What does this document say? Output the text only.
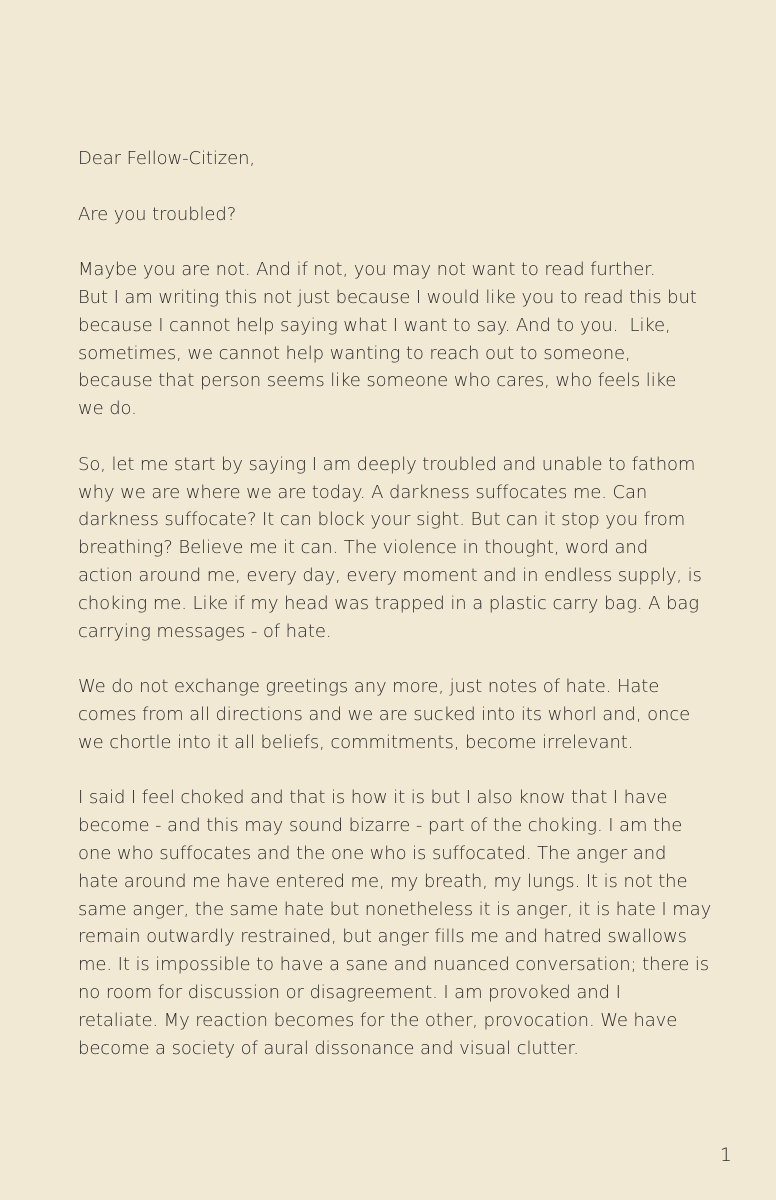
Dear Fellow-Citizen,

Are you troubled?

Maybe you are not. And if not, you may not want to read further.
But I am writing this not just because I would like you to read this but
because I cannot help saying what I want to say. And to you.  Like,
sometimes, we cannot help wanting to reach out to someone,
because that person seems like someone who cares, who feels like
we do.

So, let me start by saying I am deeply troubled and unable to fathom
why we are where we are today. A darkness suffocates me. Can
darkness suffocate? It can block your sight. But can it stop you from
breathing? Believe me it can. The violence in thought, word and
action around me, every day, every moment and in endless supply, is
choking me. Like if my head was trapped in a plastic carry bag. A bag
carrying messages - of hate.

We do not exchange greetings any more, just notes of hate. Hate
comes from all directions and we are sucked into its whorl and, once
we chortle into it all beliefs, commitments, become irrelevant.

I said I feel choked and that is how it is but I also know that I have
become - and this may sound bizarre - part of the choking. I am the
one who suffocates and the one who is suffocated. The anger and
hate around me have entered me, my breath, my lungs. It is not the
same anger, the same hate but nonetheless it is anger, it is hate I may
remain outwardly restrained, but anger fills me and hatred swallows
me. It is impossible to have a sane and nuanced conversation; there is
no room for discussion or disagreement. I am provoked and I
retaliate. My reaction becomes for the other, provocation. We have
become a society of aural dissonance and visual clutter.

1
